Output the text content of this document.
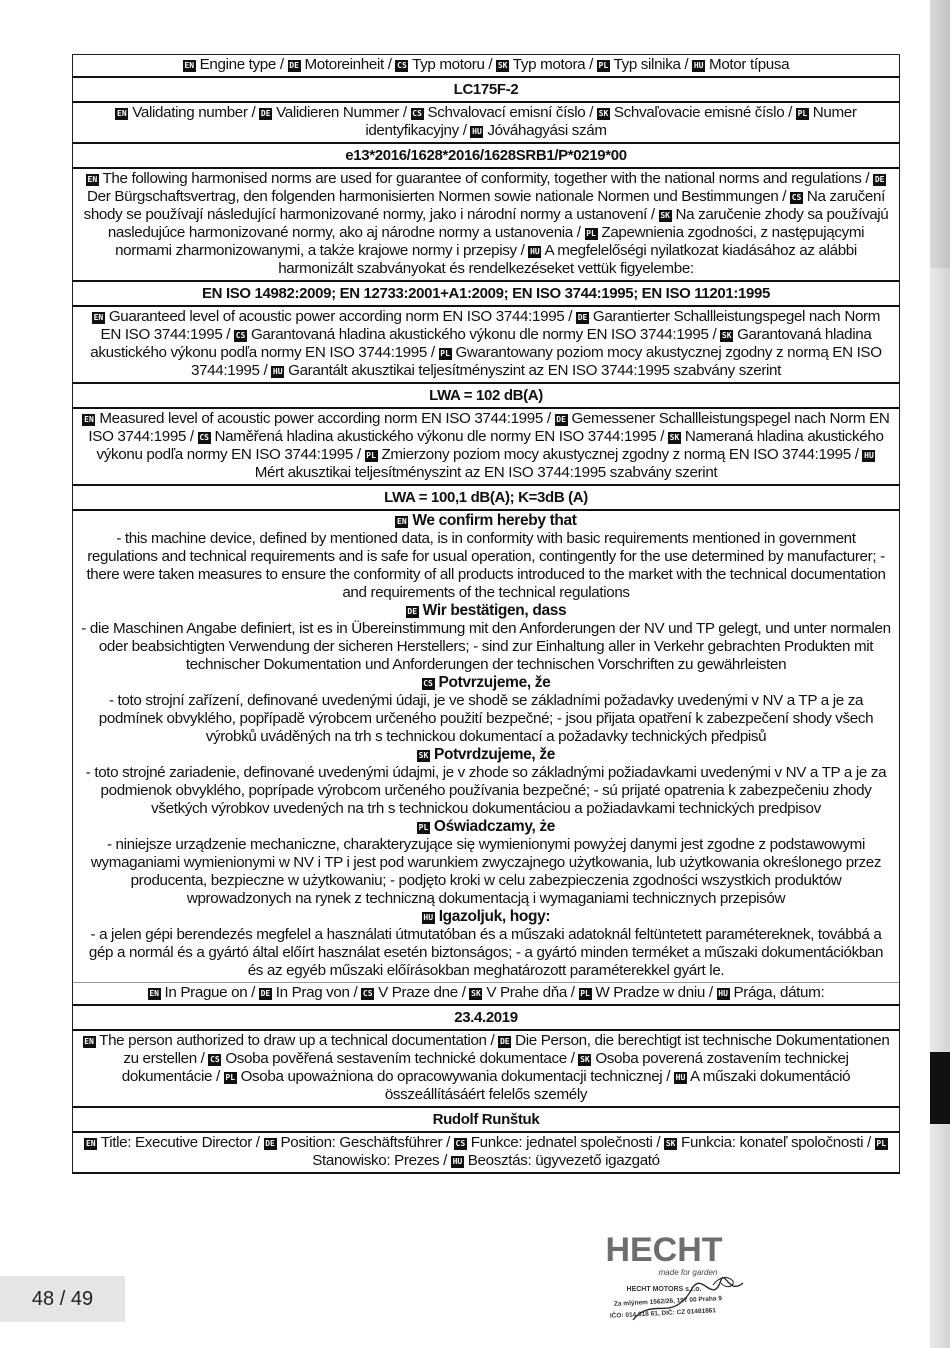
EN Engine type / DE Motoreinheit / CS Typ motoru / SK Typ motora / PL Typ silnika / HU Motor típusa
LC175F-2
EN Validating number / DE Validieren Nummer / CS Schvalovací emisní číslo / SK Schvaľovacie emisné číslo / PL Numer identyfikacyjny / HU Jóváhagyási szám
e13*2016/1628*2016/1628SRB1/P*0219*00
EN The following harmonised norms are used for guarantee of conformity, together with the national norms and regulations / DE Der Bürgschaftsvertrag, den folgenden harmonisierten Normen sowie nationale Normen und Bestimmungen / CS Na zaručení shody se používají následující harmonizované normy, jako i národní normy a ustanovení / SK Na zaručenie zhody sa používajú nasledujúce harmonizované normy, ako aj národne normy a ustanovenia / PL Zapewnienia zgodności, z następującymi normami zharmonizowanymi, a także krajowe normy i przepisy / HU A megfelelőségi nyilatkozat kiadásához az alábbi harmonizált szabványokat és rendelkezéseket vettük figyelembe:
EN ISO 14982:2009; EN 12733:2001+A1:2009; EN ISO 3744:1995; EN ISO 11201:1995
EN Guaranteed level of acoustic power according norm EN ISO 3744:1995 / DE Garantierter Schallleistungspegel nach Norm EN ISO 3744:1995 / CS Garantovaná hladina akustického výkonu dle normy EN ISO 3744:1995 / SK Garantovaná hladina akustického výkonu podľa normy EN ISO 3744:1995 / PL Gwarantowany poziom mocy akustycznej zgodny z normą EN ISO 3744:1995 / HU Garantált akusztikai teljesítményszint az EN ISO 3744:1995 szabvány szerint
LWA = 102 dB(A)
EN Measured level of acoustic power according norm EN ISO 3744:1995 / DE Gemessener Schallleistungspegel nach Norm EN ISO 3744:1995 / CS Naměřená hladina akustického výkonu dle normy EN ISO 3744:1995 / SK Nameraná hladina akustického výkonu podľa normy EN ISO 3744:1995 / PL Zmierzony poziom mocy akustycznej zgodny z normą EN ISO 3744:1995 / HU Mért akusztikai teljesítményszint az EN ISO 3744:1995 szabvány szerint
LWA = 100,1 dB(A); K=3dB (A)

EN We confirm hereby that
- this machine device, defined by mentioned data, is in conformity with basic requirements mentioned in government regulations and technical requirements and is safe for usual operation, contingently for the use determined by manufacturer; - there were taken measures to ensure the conformity of all products introduced to the market with the technical documentation and requirements of the technical regulations
DE Wir bestätigen, dass
- die Maschinen Angabe definiert, ist es in Übereinstimmung mit den Anforderungen der NV und TP gelegt, und unter normalen oder beabsichtigten Verwendung der sicheren Herstellers; - sind zur Einhaltung aller in Verkehr gebrachten Produkten mit technischer Dokumentation und Anforderungen der technischen Vorschriften zu gewährleisten
CS Potvrzujeme, že
- toto strojní zařízení, definované uvedenými údaji, je ve shodě se základními požadavky uvedenými v NV a TP a je za podmínek obvyklého, popřípadě výrobcem určeného použití bezpečné; - jsou přijata opatření k zabezpečení shody všech výrobků uváděných na trh s technickou dokumentací a požadavky technických předpisů
SK Potvrdzujeme, že
- toto strojné zariadenie, definované uvedenými údajmi, je v zhode so základnými požiadavkami uvedenými v NV a TP a je za podmienok obvyklého, poprípade výrobcom určeného používania bezpečné; - sú prijaté opatrenia k zabezpečeniu zhody všetkých výrobkov uvedených na trh s technickou dokumentáciou a požiadavkami technických predpisov
PL Oświadczamy, że
- niniejsze urządzenie mechaniczne, charakteryzujące się wymienionymi powyżej danymi jest zgodne z podstawowymi wymaganiami wymienionymi w NV i TP i jest pod warunkiem zwyczajnego użytkowania, lub użytkowania określonego przez producenta, bezpieczne w użytkowaniu; - podjęto kroki w celu zabezpieczenia zgodności wszystkich produktów wprowadzonych na rynek z techniczną dokumentacją i wymaganiami technicznych przepisów
HU Igazoljuk, hogy:
- a jelen gépi berendezés megfelel a használati útmutatóban és a műszaki adatoknál feltüntetett paramétereknek, továbbá a gép a normál és a gyártó által előírt használat esetén biztonságos; - a gyártó minden terméket a műszaki dokumentációkban és az egyéb műszaki előírásokban meghatározott paraméterekkel gyárt le.
EN In Prague on / DE In Prag von / CS V Praze dne / SK V Prahe dňa / PL W Pradze w dniu / HU Prága, dátum:
23.4.2019
EN The person authorized to draw up a technical documentation / DE Die Person, die berechtigt ist technische Dokumentationen zu erstellen / CS Osoba pověřená sestavením technické dokumentace / SK Osoba poverená zostavením technickej dokumentácie / PL Osoba upoważniona do opracowywania dokumentacji technicznej / HU A műszaki dokumentáció összeállításáért felelős személy
Rudolf Runštuk
EN Title: Executive Director / DE Position: Geschäftsführer / CS Funkce: jednatel společnosti / SK Funkcia: konateľ spoločnosti / PL Stanowisko: Prezes / HU Beosztás: ügyvezető igazgató
HECHT
made for garden
HECHT MOTORS s.r.o.
Za mlýnem 1562/26, 197 00 Praha 9
IČO: 014 818 61, DIČ: CZ 01481861
48 / 49
